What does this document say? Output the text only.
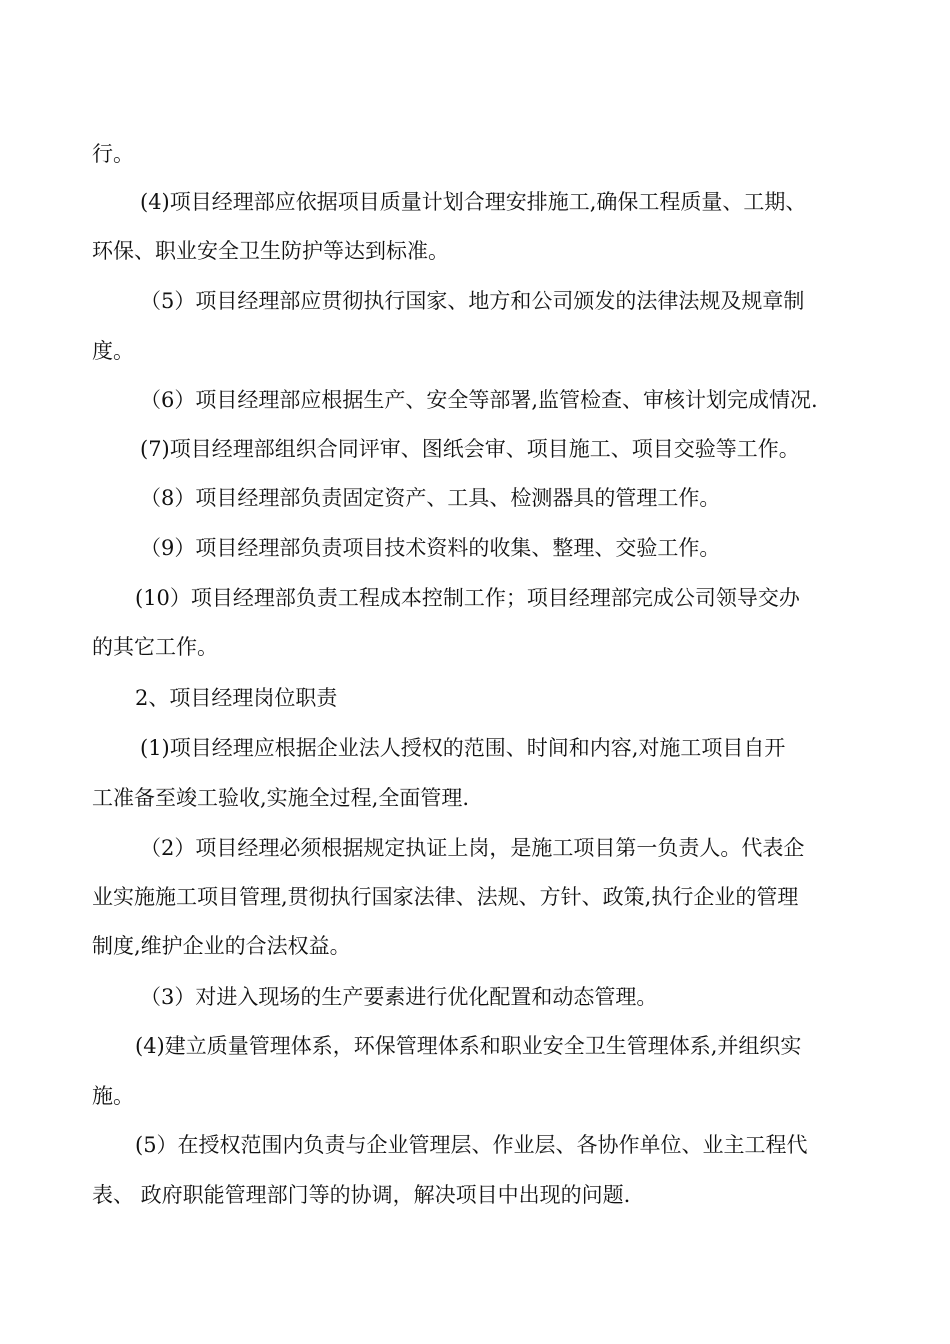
行。
(4)项目经理部应依据项目质量计划合理安排施工,确保工程质量、工期、
环保、职业安全卫生防护等达到标准。
（5）项目经理部应贯彻执行国家、地方和公司颁发的法律法规及规章制
度。
（6）项目经理部应根据生产、安全等部署,监管检查、审核计划完成情况.
(7)项目经理部组织合同评审、图纸会审、项目施工、项目交验等工作。
（8）项目经理部负责固定资产、工具、检测器具的管理工作。
（9）项目经理部负责项目技术资料的收集、整理、交验工作。
(10）项目经理部负责工程成本控制工作；项目经理部完成公司领导交办
的其它工作。
2、项目经理岗位职责
(1)项目经理应根据企业法人授权的范围、时间和内容,对施工项目自开
工准备至竣工验收,实施全过程,全面管理.
（2）项目经理必须根据规定执证上岗，是施工项目第一负责人。代表企
业实施施工项目管理,贯彻执行国家法律、法规、方针、政策,执行企业的管理
制度,维护企业的合法权益。
（3）对进入现场的生产要素进行优化配置和动态管理。
(4)建立质量管理体系，环保管理体系和职业安全卫生管理体系,并组织实
施。
(5）在授权范围内负责与企业管理层、作业层、各协作单位、业主工程代
表、 政府职能管理部门等的协调，解决项目中出现的问题.
